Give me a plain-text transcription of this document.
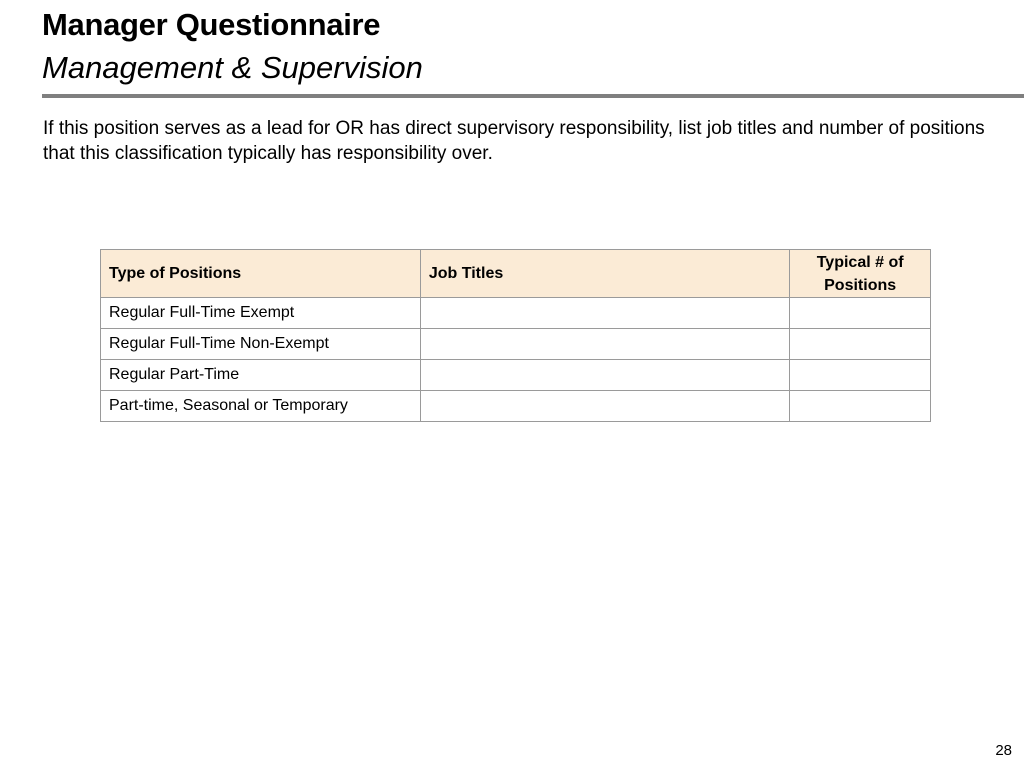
Manager Questionnaire
Management & Supervision
If this position serves as a lead for OR has direct supervisory responsibility, list job titles and number of positions that this classification typically has responsibility over.
Type of Positions	Job Titles	Typical # of Positions
Regular Full-Time Exempt		
Regular Full-Time Non-Exempt		
Regular Part-Time		
Part-time, Seasonal or Temporary		
28
